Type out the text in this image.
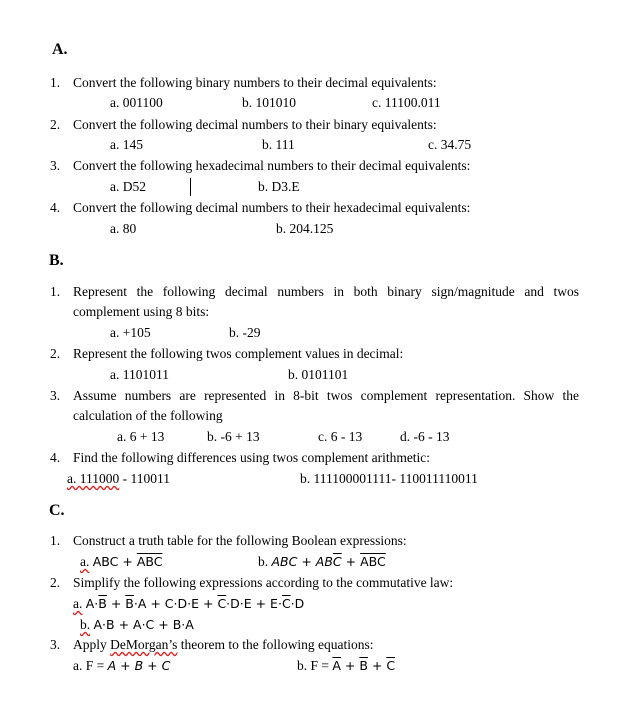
A.
1. Convert the following binary numbers to their decimal equivalents:
a. 001100	b. 101010	c. 11100.011
2. Convert the following decimal numbers to their binary equivalents:
a. 145	b. 111	c. 34.75
3. Convert the following hexadecimal numbers to their decimal equivalents:
a. D52	b. D3.E
4. Convert the following decimal numbers to their hexadecimal equivalents:
a. 80	b. 204.125
B.
1. Represent the following decimal numbers in both binary sign/magnitude and twos
complement using 8 bits:
a. +105	b. -29
2. Represent the following twos complement values in decimal:
a. 1101011	b. 0101101
3. Assume numbers are represented in 8-bit twos complement representation. Show the
calculation of the following
a. 6 + 13	b. -6 + 13	c. 6 - 13	d. -6 - 13
4. Find the following differences using twos complement arithmetic:
a. 111000 - 110011	b. 111100001111- 110011110011
C.
1. Construct a truth table for the following Boolean expressions:
a. ABC + $\overline{ABC}$	b. ABC + $AB\overline{C} + \overline{ABC}$
2. Simplify the following expressions according to the commutative law:
a. $A\cdot\overline{B} + \overline{B}\cdot A + C\cdot D\cdot E + \overline{C}\cdot D\cdot E + E\cdot\overline{C}\cdot D$
b. A·B + A·C + B·A
3. Apply DeMorgan’s theorem to the following equations:
a. F = A + B + C	b. $F = \overline{A} + \overline{B} + \overline{C}$
